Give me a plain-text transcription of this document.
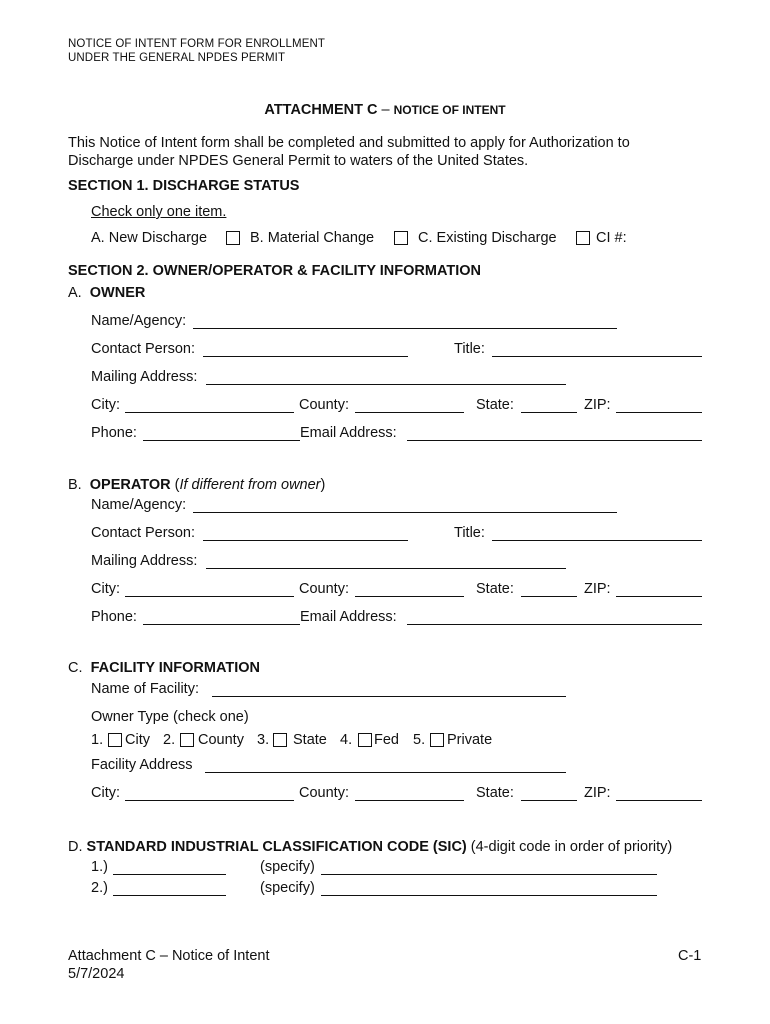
NOTICE OF INTENT FORM FOR ENROLLMENT
UNDER THE GENERAL NPDES PERMIT
ATTACHMENT C – NOTICE OF INTENT
This Notice of Intent form shall be completed and submitted to apply for Authorization to
Discharge under NPDES General Permit to waters of the United States.
SECTION 1. DISCHARGE STATUS
Check only one item.
A. New Discharge	B. Material Change	C. Existing Discharge	CI #:
SECTION 2. OWNER/OPERATOR & FACILITY INFORMATION
A. OWNER
Name/Agency:
Contact Person:	Title:
Mailing Address:
City:	County:	State:	ZIP:
Phone:	Email Address:
B. OPERATOR (If different from owner)
Name/Agency:
Contact Person:	Title:
Mailing Address:
City:	County:	State:	ZIP:
Phone:	Email Address:
C. FACILITY INFORMATION
Name of Facility:
Owner Type (check one)
1. City 2. County 3. State 4. Fed 5. Private
Facility Address
City:	County:	State:	ZIP:
D. STANDARD INDUSTRIAL CLASSIFICATION CODE (SIC) (4-digit code in order of priority)
1.)	(specify)
2.)	(specify)
Attachment C – Notice of Intent
5/7/2024
C-1
